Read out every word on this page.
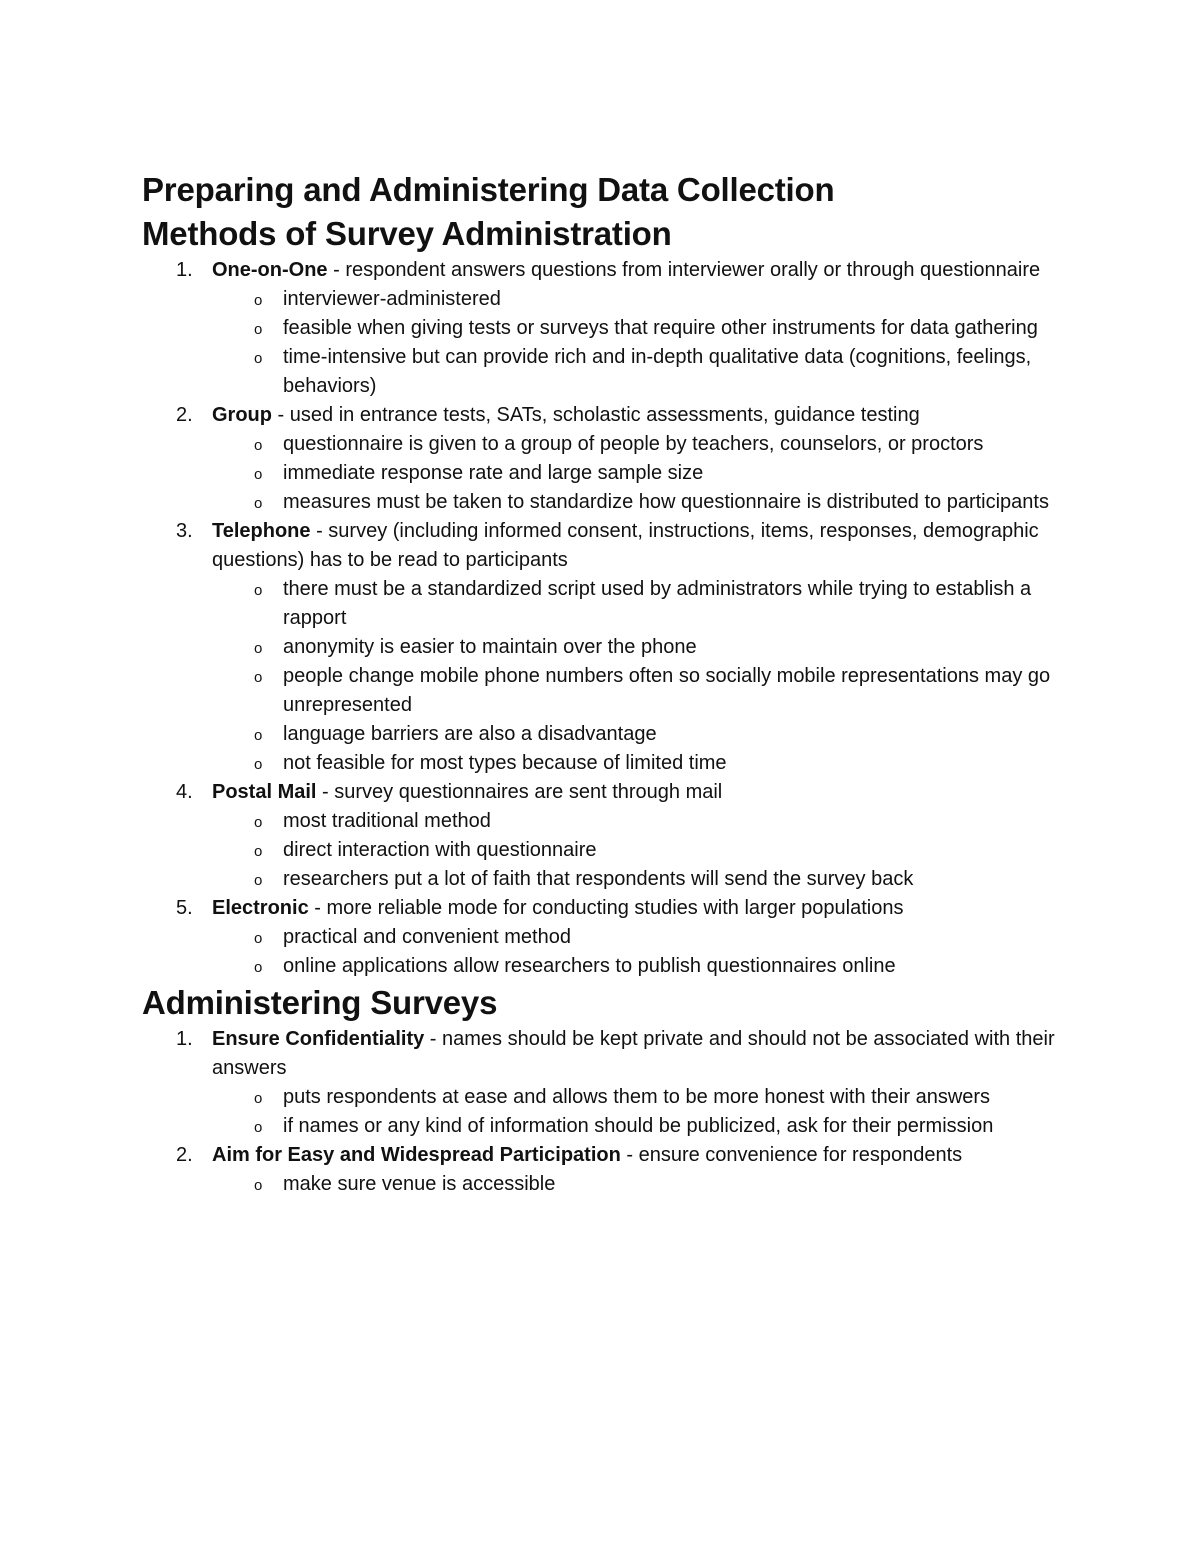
Preparing and Administering Data Collection
Methods of Survey Administration
1. One-on-One - respondent answers questions from interviewer orally or through questionnaire
o interviewer-administered
o feasible when giving tests or surveys that require other instruments for data gathering
o time-intensive but can provide rich and in-depth qualitative data (cognitions, feelings, behaviors)
2. Group - used in entrance tests, SATs, scholastic assessments, guidance testing
o questionnaire is given to a group of people by teachers, counselors, or proctors
o immediate response rate and large sample size
o measures must be taken to standardize how questionnaire is distributed to participants
3. Telephone - survey (including informed consent, instructions, items, responses, demographic questions) has to be read to participants
o there must be a standardized script used by administrators while trying to establish a rapport
o anonymity is easier to maintain over the phone
o people change mobile phone numbers often so socially mobile representations may go unrepresented
o language barriers are also a disadvantage
o not feasible for most types because of limited time
4. Postal Mail - survey questionnaires are sent through mail
o most traditional method
o direct interaction with questionnaire
o researchers put a lot of faith that respondents will send the survey back
5. Electronic - more reliable mode for conducting studies with larger populations
o practical and convenient method
o online applications allow researchers to publish questionnaires online
Administering Surveys
1. Ensure Confidentiality - names should be kept private and should not be associated with their answers
o puts respondents at ease and allows them to be more honest with their answers
o if names or any kind of information should be publicized, ask for their permission
2. Aim for Easy and Widespread Participation - ensure convenience for respondents
o make sure venue is accessible
